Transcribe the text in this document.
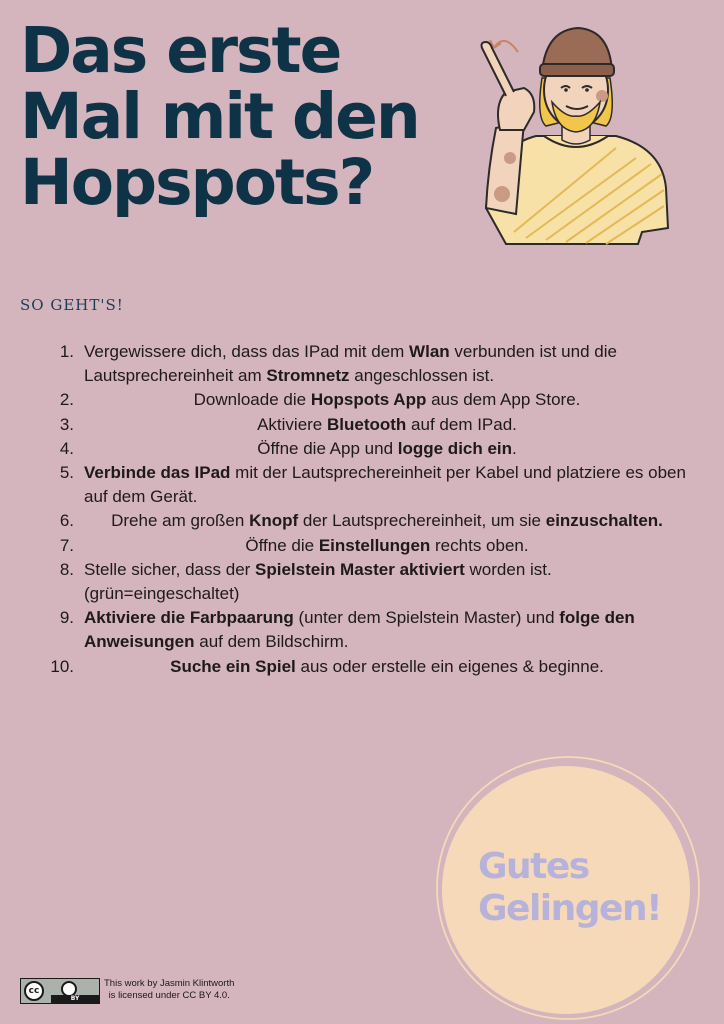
Das erste Mal mit den Hopspots?
SO GEHT'S!
1. Vergewissere dich, dass das IPad mit dem Wlan verbunden ist und die Lautsprechereinheit am Stromnetz angeschlossen ist.
2.	Downloade die Hopspots App aus dem App Store.
3.	Aktiviere Bluetooth auf dem IPad.
4.	Öffne die App und logge dich ein.
5. Verbinde das IPad mit der Lautsprechereinheit per Kabel und platziere es oben auf dem Gerät.
6.	Drehe am großen Knopf der Lautsprechereinheit, um sie einzuschalten.
7.	Öffne die Einstellungen rechts oben.
8. Stelle sicher, dass der Spielstein Master aktiviert worden ist. (grün=eingeschaltet)
9. Aktiviere die Farbpaarung (unter dem Spielstein Master) und folge den Anweisungen auf dem Bildschirm.
10.	Suche ein Spiel aus oder erstelle ein eigenes & beginne.

Gutes
Gelingen!

cc
BY
This work by Jasmin Klintworth
is licensed under CC BY 4.0.
